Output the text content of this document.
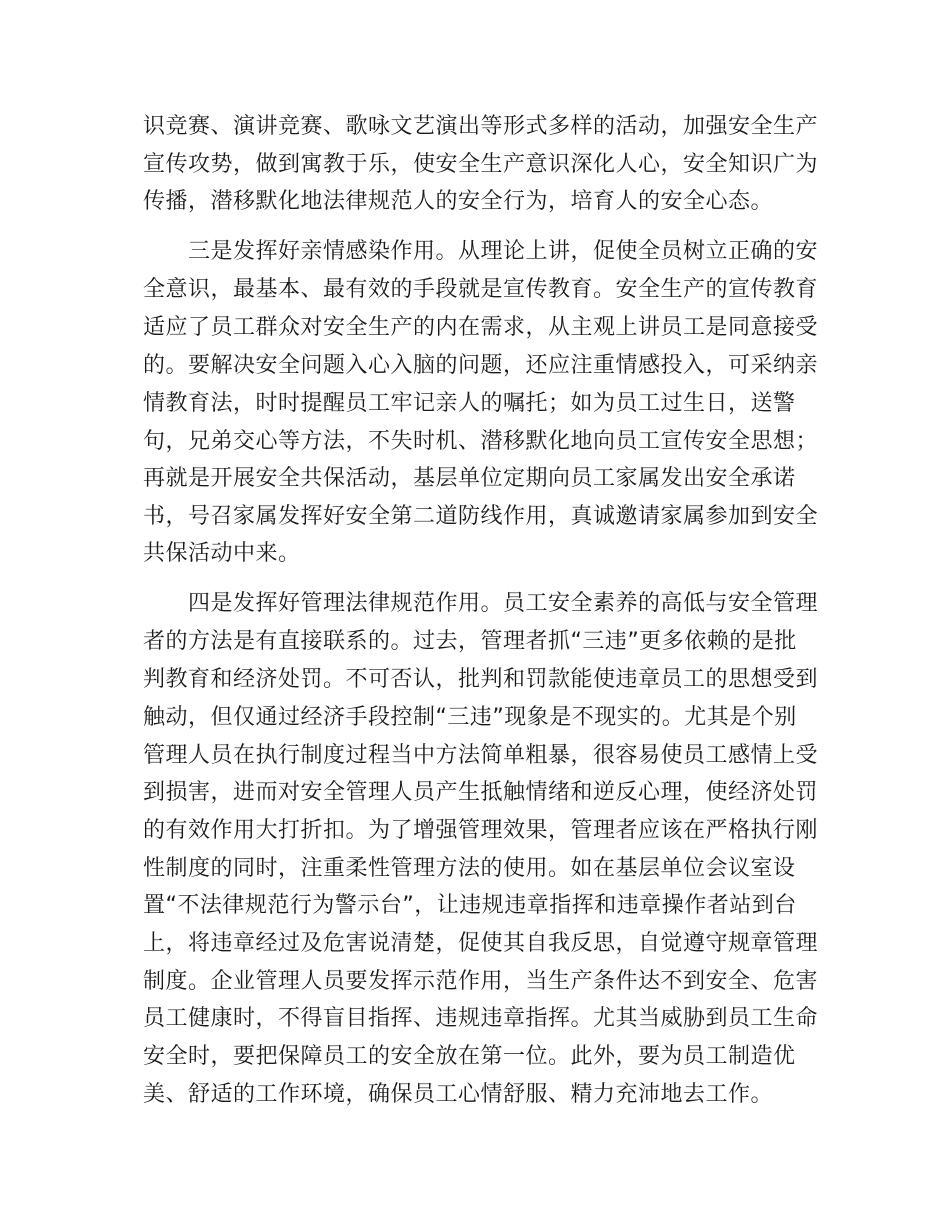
识竞赛、演讲竞赛、歌咏文艺演出等形式多样的活动，加强安全生产
宣传攻势，做到寓教于乐，使安全生产意识深化人心，安全知识广为
传播，潜移默化地法律规范人的安全行为，培育人的安全心态。
三是发挥好亲情感染作用。从理论上讲，促使全员树立正确的安
全意识，最基本、最有效的手段就是宣传教育。安全生产的宣传教育
适应了员工群众对安全生产的内在需求，从主观上讲员工是同意接受
的。要解决安全问题入心入脑的问题，还应注重情感投入，可采纳亲
情教育法，时时提醒员工牢记亲人的嘱托；如为员工过生日，送警
句，兄弟交心等方法，不失时机、潜移默化地向员工宣传安全思想；
再就是开展安全共保活动，基层单位定期向员工家属发出安全承诺
书，号召家属发挥好安全第二道防线作用，真诚邀请家属参加到安全
共保活动中来。
四是发挥好管理法律规范作用。员工安全素养的高低与安全管理
者的方法是有直接联系的。过去，管理者抓“三违”更多依赖的是批
判教育和经济处罚。不可否认，批判和罚款能使违章员工的思想受到
触动，但仅通过经济手段控制“三违”现象是不现实的。尤其是个别
管理人员在执行制度过程当中方法简单粗暴，很容易使员工感情上受
到损害，进而对安全管理人员产生抵触情绪和逆反心理，使经济处罚
的有效作用大打折扣。为了增强管理效果，管理者应该在严格执行刚
性制度的同时，注重柔性管理方法的使用。如在基层单位会议室设
置“不法律规范行为警示台”，让违规违章指挥和违章操作者站到台
上，将违章经过及危害说清楚，促使其自我反思，自觉遵守规章管理
制度。企业管理人员要发挥示范作用，当生产条件达不到安全、危害
员工健康时，不得盲目指挥、违规违章指挥。尤其当威胁到员工生命
安全时，要把保障员工的安全放在第一位。此外，要为员工制造优
美、舒适的工作环境，确保员工心情舒服、精力充沛地去工作。
